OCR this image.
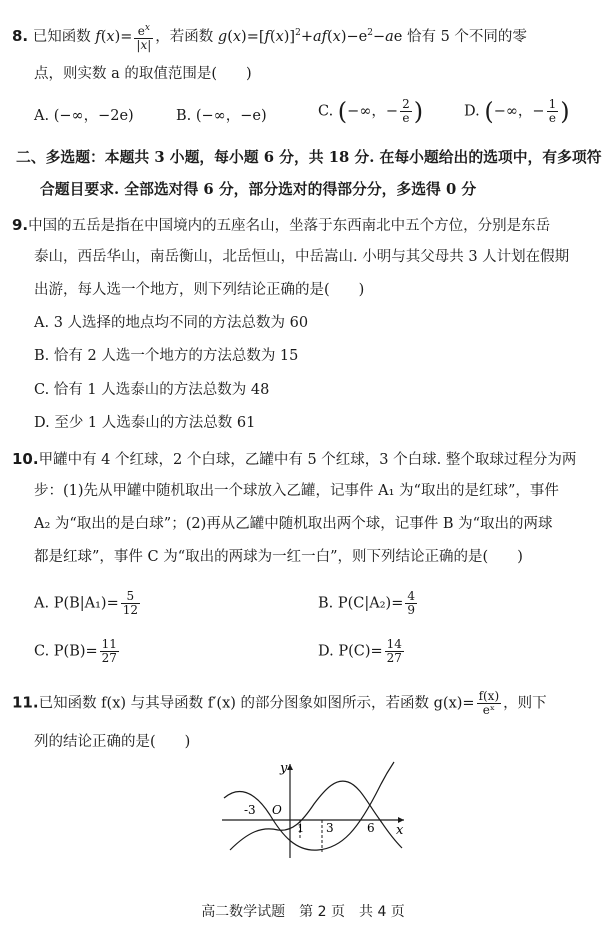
8. 已知函数 $f(x)= \frac{e^x}{|x|}$ ，若函数 $g(x)=[f(x)]^2+af(x)-e^2-ae$ 恰有 5 个不同的零
点，则实数 a 的取值范围是(　　)
A. (−∞，−2e)	B. (−∞，−e)	C. (−∞，− $\frac{2}{e}$ )	D. (−∞，− $\frac{1}{e}$ )
二、多选题：本题共 3 小题，每小题 6 分，共 18 分. 在每小题给出的选项中，有多项符
合题目要求. 全部选对得 6 分，部分选对的得部分分，多选得 0 分
9.中国的五岳是指在中国境内的五座名山，坐落于东西南北中五个方位，分别是东岳
泰山，西岳华山，南岳衡山，北岳恒山，中岳嵩山. 小明与其父母共 3 人计划在假期
出游，每人选一个地方，则下列结论正确的是(　　)
A. 3 人选择的地点均不同的方法总数为 60
B. 恰有 2 人选一个地方的方法总数为 15
C. 恰有 1 人选泰山的方法总数为 48
D. 至少 1 人选泰山的方法总数 61
10.甲罐中有 4 个红球，2 个白球，乙罐中有 5 个红球，3 个白球. 整个取球过程分为两
步：(1)先从甲罐中随机取出一个球放入乙罐，记事件 A₁ 为“取出的是红球”，事件
A₂ 为“取出的是白球”；(2)再从乙罐中随机取出两个球，记事件 B 为“取出的两球
都是红球”，事件 C 为“取出的两球为一红一白”，则下列结论正确的是(　　)
A. $P(B|A_1)= \frac{5}{12}$	B. $P(C|A_2)= \frac{4}{9}$
C. $P(B)= \frac{11}{27}$	D. $P(C)= \frac{14}{27}$
11.已知函数 f(x) 与其导函数 f′(x) 的部分图象如图所示，若函数 $g(x)= \frac{f(x)}{\text{eˣ}}$ ，则下
列的结论正确的是(　　)
y
x
O
-3
1 3	6
高二数学试题　第 2 页　共 4 页
